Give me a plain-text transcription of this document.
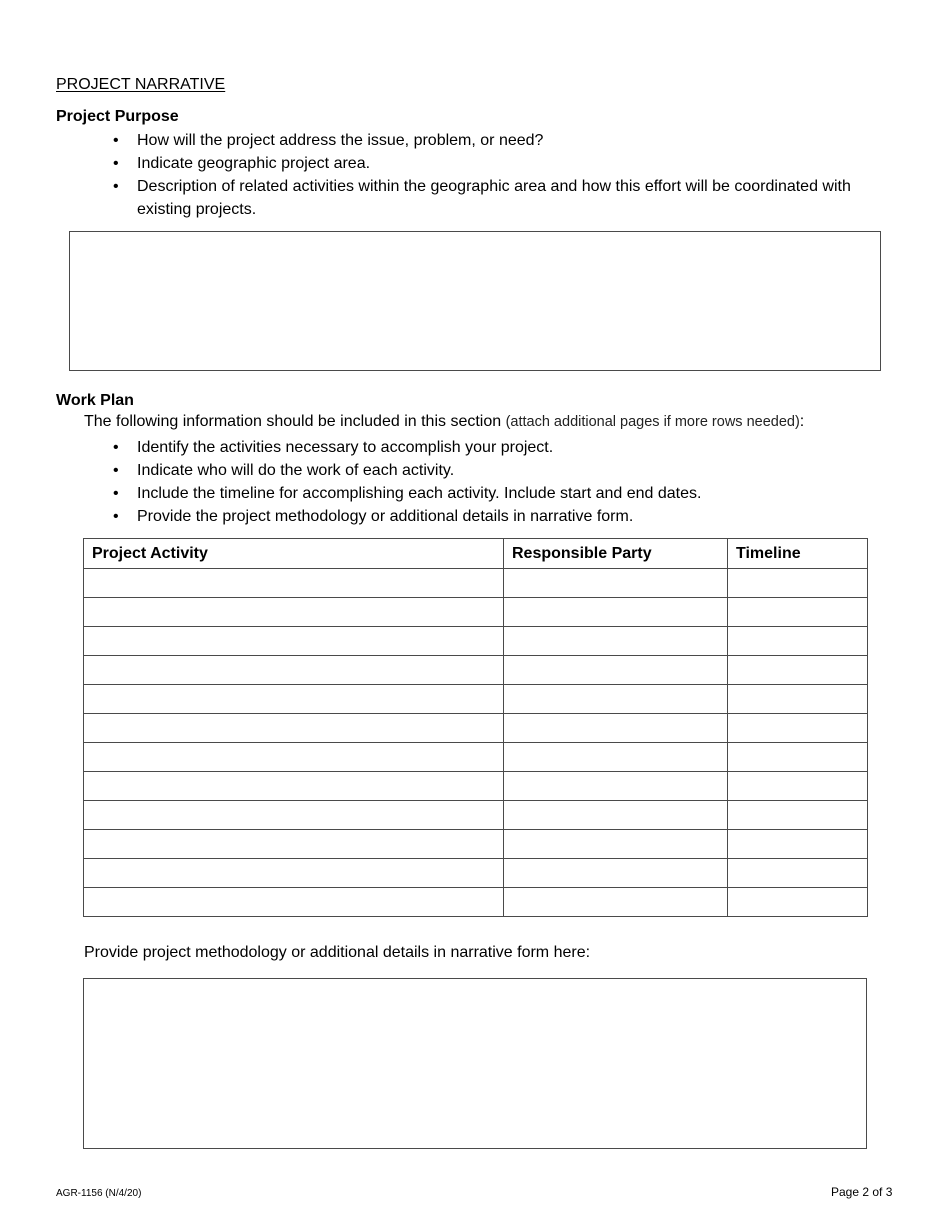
PROJECT NARRATIVE
Project Purpose
• How will the project address the issue, problem, or need?
• Indicate geographic project area.
• Description of related activities within the geographic area and how this effort will be coordinated with existing projects.
Work Plan
The following information should be included in this section (attach additional pages if more rows needed):
• Identify the activities necessary to accomplish your project.
• Indicate who will do the work of each activity.
• Include the timeline for accomplishing each activity. Include start and end dates.
• Provide the project methodology or additional details in narrative form.
Project Activity	Responsible Party	Timeline

Provide project methodology or additional details in narrative form here:
AGR-1156 (N/4/20)	Page 2 of 3
